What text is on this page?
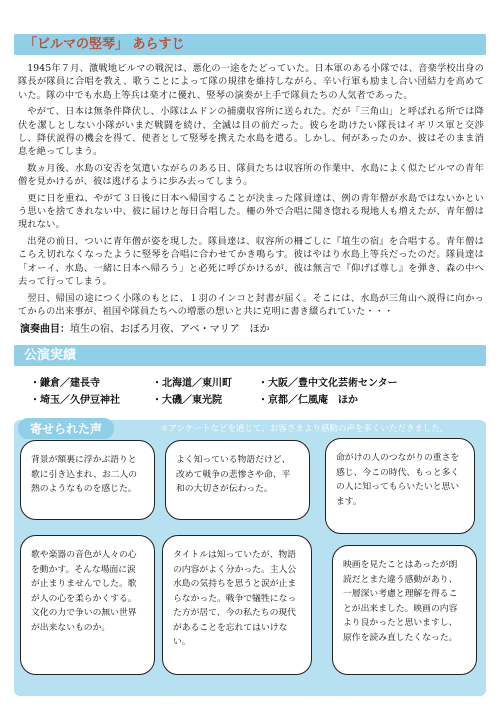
「ビルマの竪琴」 あらすじ

1945年７月、激戦地ビルマの戦況は、悪化の一途をたどっていた。日本軍のある小隊では、音楽学校出身の隊長が隊員に合唱を教え、歌うことによって隊の規律を維持しながら、辛い行軍も励まし合い団結力を高めていた。隊の中でも水島上等兵は楽才に優れ、竪琴の演奏が上手で隊員たちの人気者であった。

やがて、日本は無条件降伏し、小隊はムドンの捕虜収容所に送られた。だが「三角山」と呼ばれる所では降伏を潔しとしない小隊がいまだ戦闘を続け、全滅は目の前だった。彼らを助けたい隊長はイギリス軍と交渉し、降伏説得の機会を得て、使者として竪琴を携えた水島を遣る。しかし、何があったのか、彼はそのまま消息を絶ってしまう。

数ヵ月後、水島の安否を気遣いながらのある日、隊員たちは収容所の作業中、水島によく似たビルマの青年僧を見かけるが、彼は逃げるように歩み去ってしまう。

更に日を重ね、やがて３日後に日本へ帰国することが決まった隊員達は、例の青年僧が水島ではないかという思いを捨てきれない中、彼に届けと毎日合唱した。柵の外で合唱に聞き惚れる現地人も増えたが、青年僧は現れない。

出発の前日、ついに青年僧が姿を現した。隊員達は、収容所の柵ごしに『埴生の宿』を合唱する。青年僧はこらえ切れなくなったように竪琴を合唱に合わせてかき鳴らす。彼はやはり水島上等兵だったのだ。隊員達は「オーイ、水島、一緒に日本へ帰ろう」と必死に呼びかけるが、彼は無言で『仰げば尊し』を弾き、森の中へ去って行ってしまう。

翌日、帰国の途につく小隊のもとに、１羽のインコと封書が届く。そこには、水島が三角山へ説得に向かってからの出来事が、祖国や隊員たちへの増悪の想いと共に克明に書き綴られていた・・・

演奏曲目：埴生の宿、おぼろ月夜、アベ・マリア　ほか
公演実績
・鎌倉／建長寺	・北海道／東川町	・大阪／豊中文化芸術センター
・埼玉／久伊豆神社	・大磯／東光院	・京都／仁風庵　ほか
寄せられた声	＊アンケートなどを通じて、お客さまより感動の声を多くいただきました。

背景が額裏に浮かぶ語りと歌に引き込まれ、お二人の熱のようなものを感じた。

よく知っている物語だけど、改めて戦争の悲惨さや命、平和の大切さが伝わった。

命がけの人のつながりの重さを感じ、今この時代、もっと多くの人に知ってもらいたいと思います。

歌や楽器の音色が人々の心を動かす。そんな場面に涙が止まりませんでした。歌が人の心を柔らかくする。文化の力で争いの無い世界が出来ないものか。

タイトルは知っていたが、物語の内容がよく分かった。主人公水島の気持ちを思うと涙が止まらなかった。戦争で犠牲になった方が居て、今の私たちの現代があることを忘れてはいけない。

映画を見たことはあったが朗読だとまた違う感動があり、一層深い考慮と理解を得ることが出来ました。映画の内容より良かったと思いますし、原作を読み直したくなった。
